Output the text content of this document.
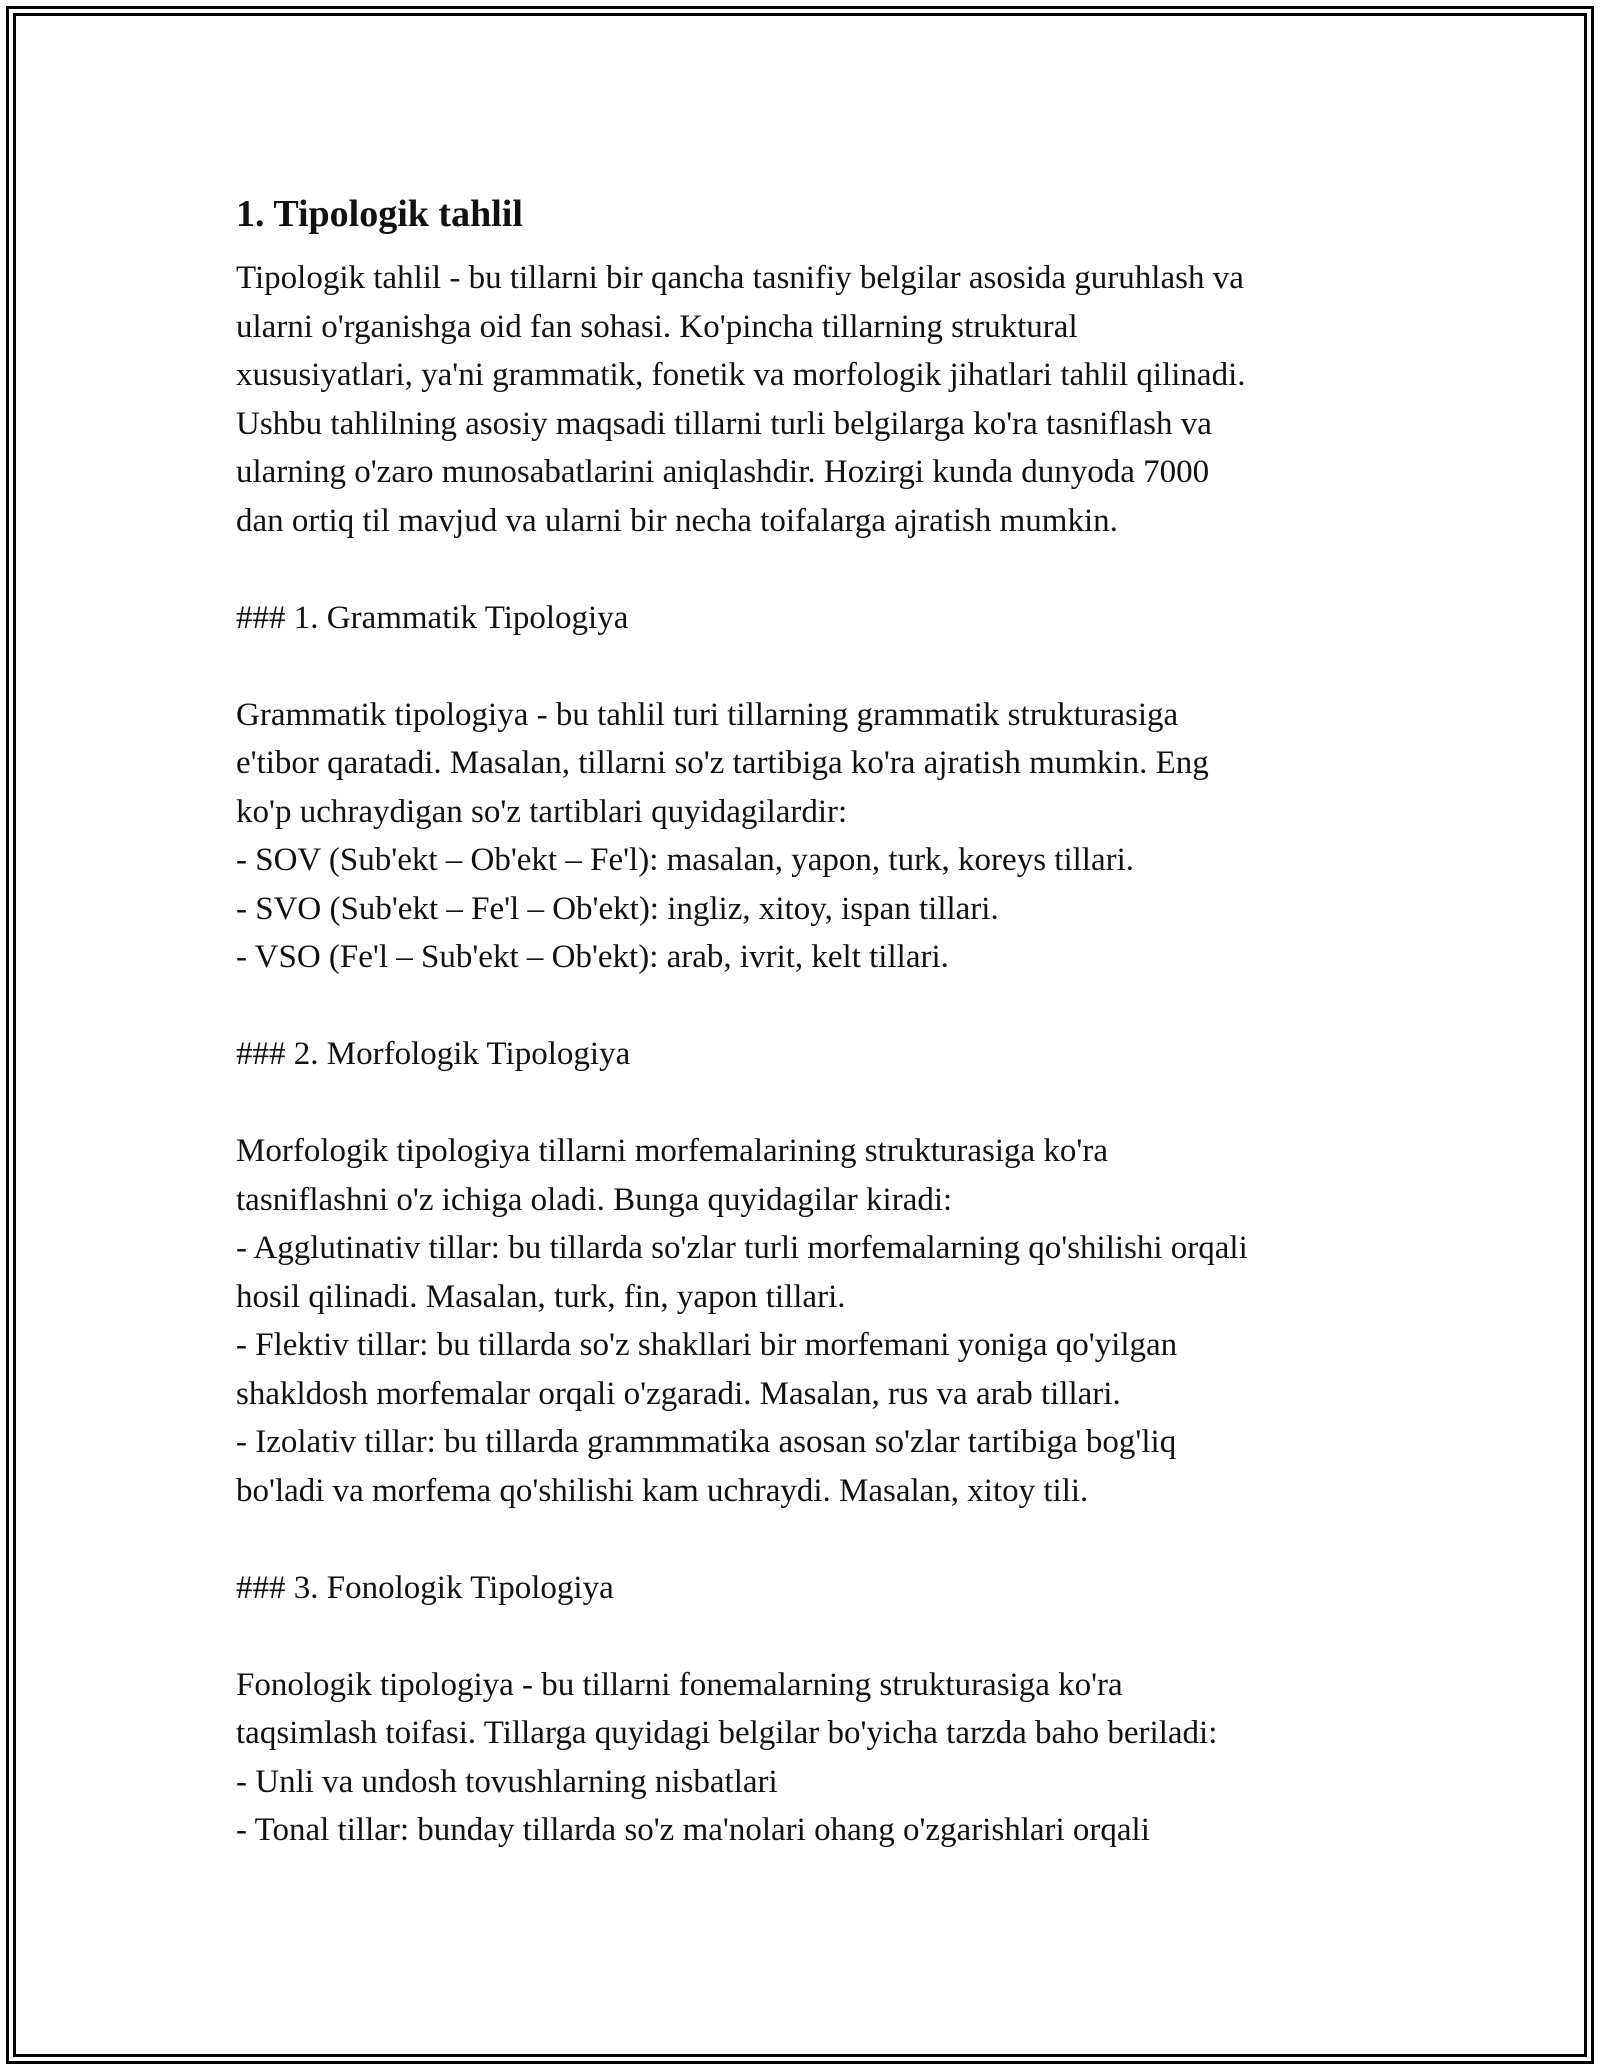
1. Tipologik tahlil
Tipologik tahlil - bu tillarni bir qancha tasnifiy belgilar asosida guruhlash va
ularni o'rganishga oid fan sohasi. Ko'pincha tillarning struktural
xususiyatlari, ya'ni grammatik, fonetik va morfologik jihatlari tahlil qilinadi.
Ushbu tahlilning asosiy maqsadi tillarni turli belgilarga ko'ra tasniflash va
ularning o'zaro munosabatlarini aniqlashdir. Hozirgi kunda dunyoda 7000
dan ortiq til mavjud va ularni bir necha toifalarga ajratish mumkin.
### 1. Grammatik Tipologiya
Grammatik tipologiya - bu tahlil turi tillarning grammatik strukturasiga
e'tibor qaratadi. Masalan, tillarni so'z tartibiga ko'ra ajratish mumkin. Eng
ko'p uchraydigan so'z tartiblari quyidagilardir:
- SOV (Sub'ekt – Ob'ekt – Fe'l): masalan, yapon, turk, koreys tillari.
- SVO (Sub'ekt – Fe'l – Ob'ekt): ingliz, xitoy, ispan tillari.
- VSO (Fe'l – Sub'ekt – Ob'ekt): arab, ivrit, kelt tillari.
### 2. Morfologik Tipologiya
Morfologik tipologiya tillarni morfemalarining strukturasiga ko'ra
tasniflashni o'z ichiga oladi. Bunga quyidagilar kiradi:
- Agglutinativ tillar: bu tillarda so'zlar turli morfemalarning qo'shilishi orqali
hosil qilinadi. Masalan, turk, fin, yapon tillari.
- Flektiv tillar: bu tillarda so'z shakllari bir morfemani yoniga qo'yilgan
shakldosh morfemalar orqali o'zgaradi. Masalan, rus va arab tillari.
- Izolativ tillar: bu tillarda grammmatika asosan so'zlar tartibiga bog'liq
bo'ladi va morfema qo'shilishi kam uchraydi. Masalan, xitoy tili.
### 3. Fonologik Tipologiya
Fonologik tipologiya - bu tillarni fonemalarning strukturasiga ko'ra
taqsimlash toifasi. Tillarga quyidagi belgilar bo'yicha tarzda baho beriladi:
- Unli va undosh tovushlarning nisbatlari
- Tonal tillar: bunday tillarda so'z ma'nolari ohang o'zgarishlari orqali
